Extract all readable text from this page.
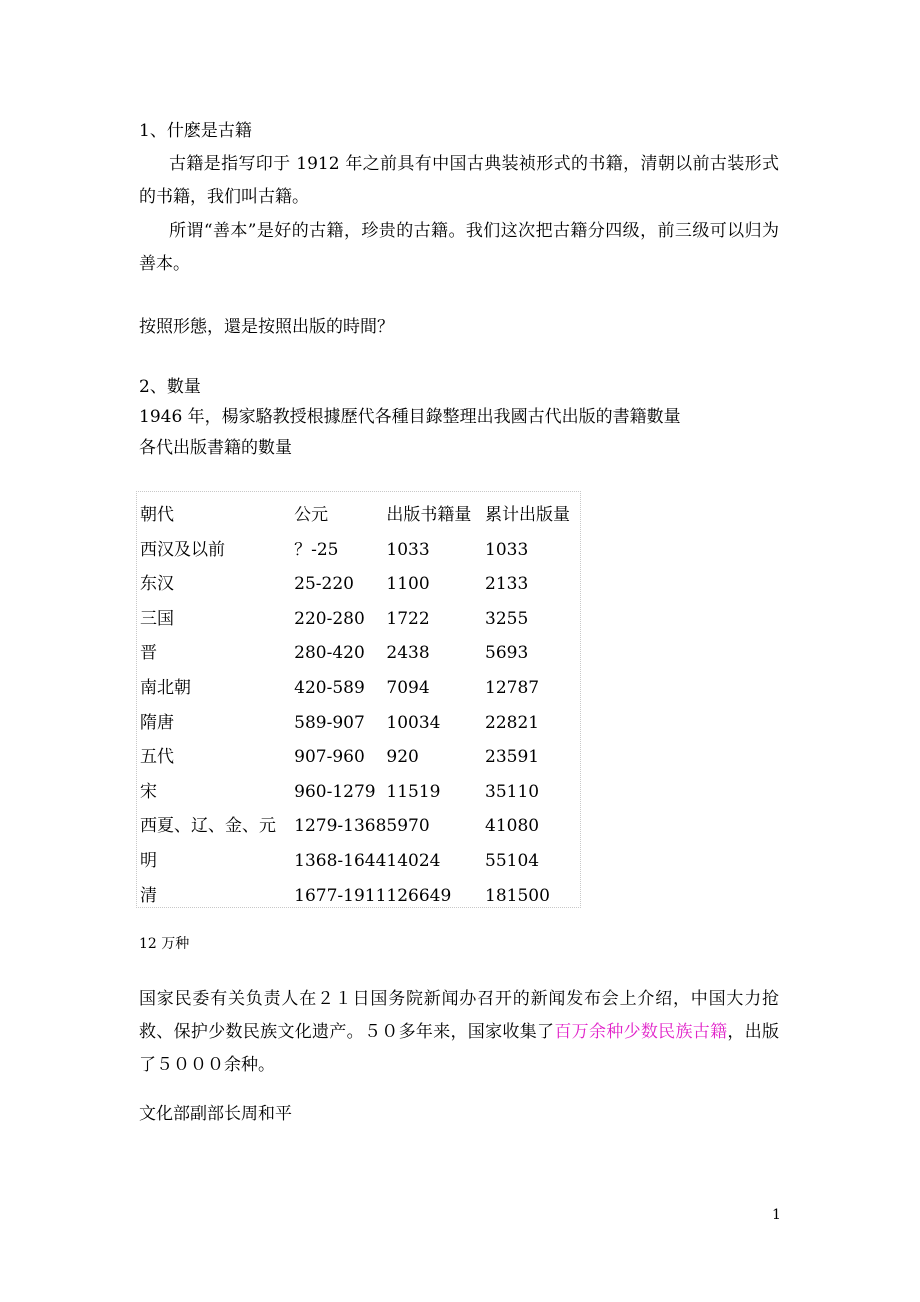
1、什麽是古籍
古籍是指写印于 1912 年之前具有中国古典装祯形式的书籍，清朝以前古装形式的书籍，我们叫古籍。
所谓“善本”是好的古籍，珍贵的古籍。我们这次把古籍分四级，前三级可以归为善本。
按照形態，還是按照出版的時間？
2、數量
1946 年，楊家駱教授根據歷代各種目錄整理出我國古代出版的書籍數量
各代出版書籍的數量
朝代	公元	出版书籍量	累计出版量
西汉及以前	？-25	1033	1033
东汉	25-220	1100	2133
三国	220-280	1722	3255
晋	280-420	2438	5693
南北朝	420-589	7094	12787
隋唐	589-907	10034	22821
五代	907-960	920	23591
宋	960-1279	11519	35110
西夏、辽、金、元	1279-1368	5970	41080
明	1368-1644	14024	55104
清	1677-1911	126649	181500
12 万种
国家民委有关负责人在２１日国务院新闻办召开的新闻发布会上介绍，中国大力抢救、保护少数民族文化遗产。５０多年来，国家收集了百万余种少数民族古籍，出版了５０００余种。
文化部副部长周和平
1
